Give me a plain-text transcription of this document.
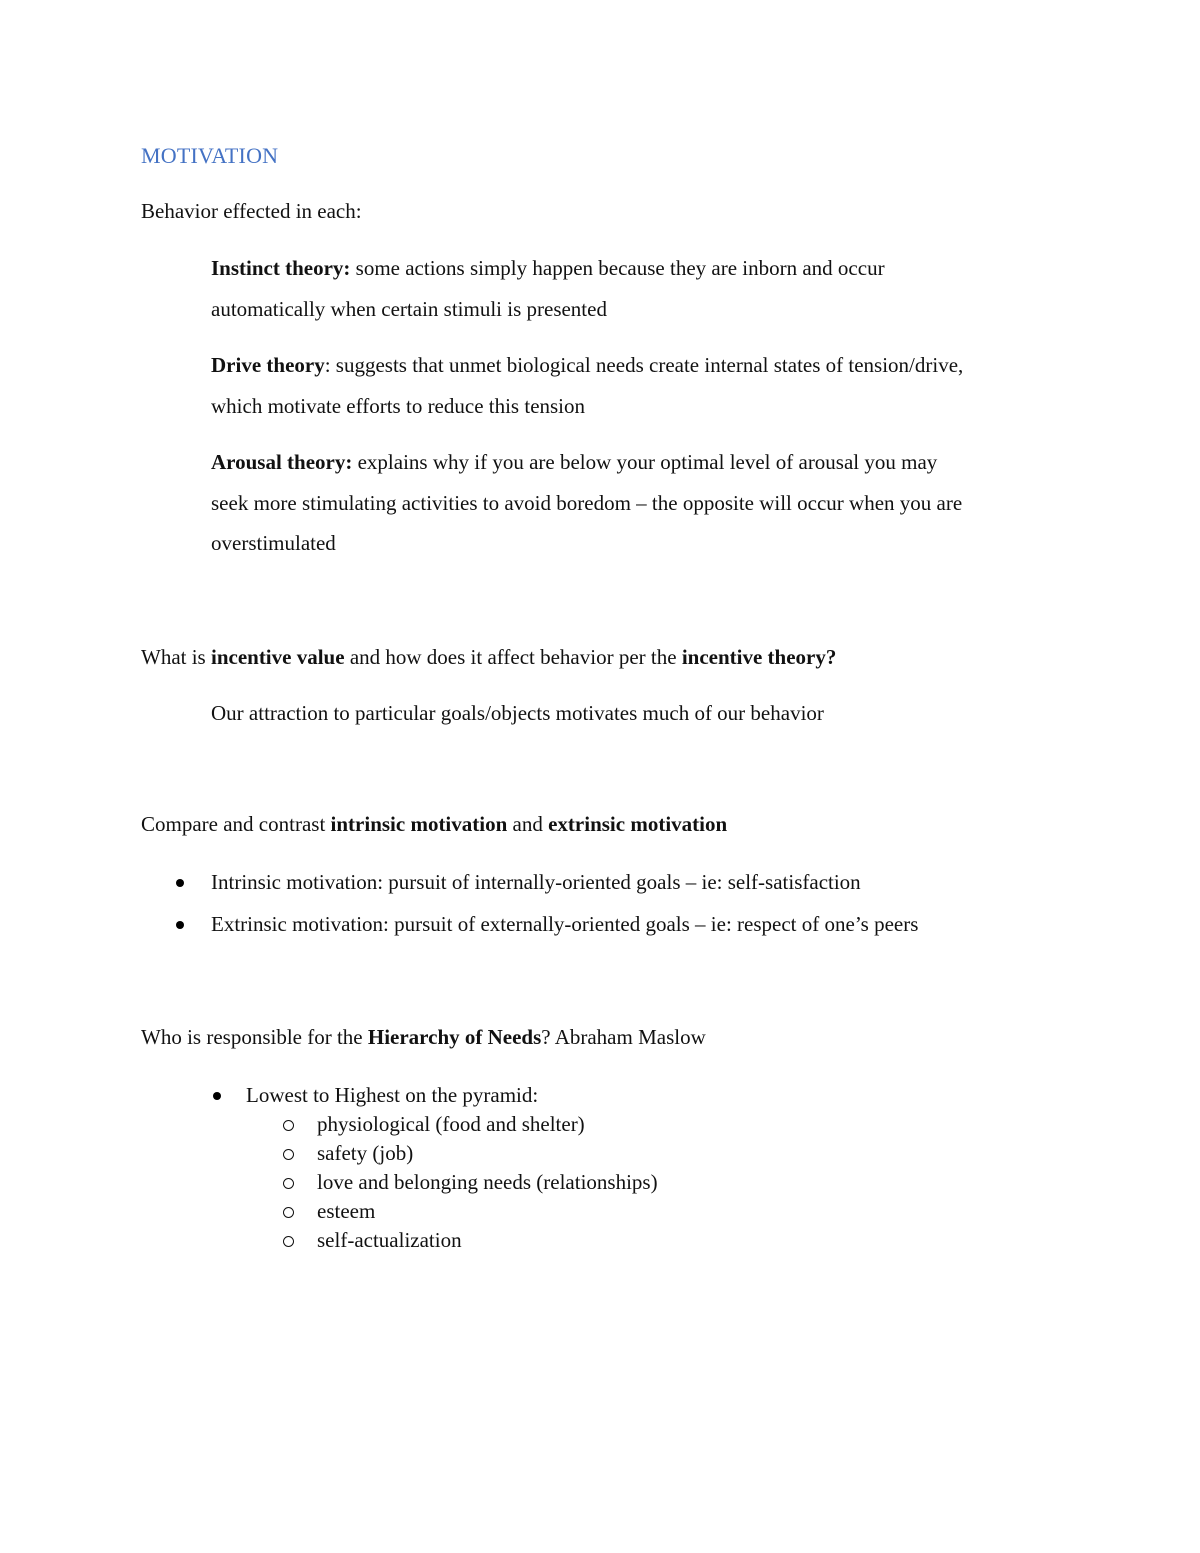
MOTIVATION
Behavior effected in each:
Instinct theory: some actions simply happen because they are inborn and occur
automatically when certain stimuli is presented
Drive theory: suggests that unmet biological needs create internal states of tension/drive,
which motivate efforts to reduce this tension
Arousal theory: explains why if you are below your optimal level of arousal you may
seek more stimulating activities to avoid boredom – the opposite will occur when you are
overstimulated
What is incentive value and how does it affect behavior per the incentive theory?
Our attraction to particular goals/objects motivates much of our behavior
Compare and contrast intrinsic motivation and extrinsic motivation
Intrinsic motivation: pursuit of internally-oriented goals – ie: self-satisfaction
Extrinsic motivation: pursuit of externally-oriented goals – ie: respect of one’s peers
Who is responsible for the Hierarchy of Needs? Abraham Maslow
Lowest to Highest on the pyramid:
physiological (food and shelter)
safety (job)
love and belonging needs (relationships)
esteem
self-actualization
